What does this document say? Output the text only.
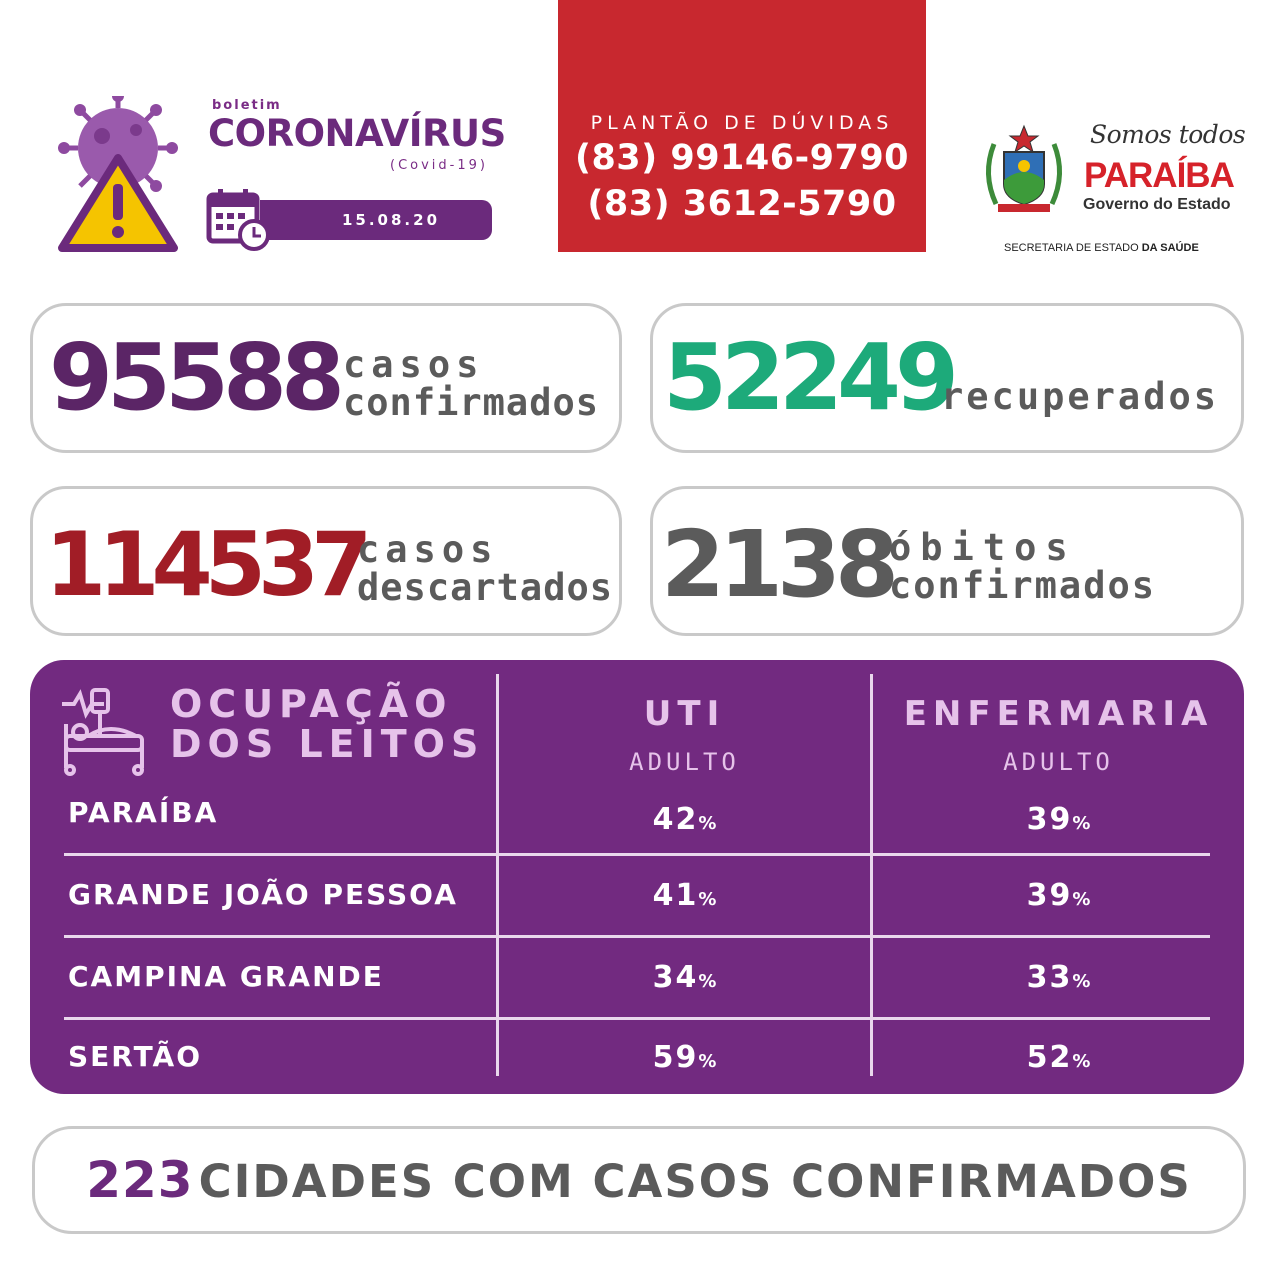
boletim
CORONAVÍRUS
(Covid-19)
15.08.20
PLANTÃO DE DÚVIDAS
(83) 99146-9790
(83) 3612-5790
Somos todos
PARAÍBA
Governo do Estado
SECRETARIA DE ESTADO DA SAÚDE
95588 casos
confirmados 52249
recuperados
114537
casos
descartados 2138
óbitos
confirmados
OCUPAÇÃO
DOS LEITOS
UTI
ADULTO
ENFERMARIA
ADULTO
PARAÍBA	42%	39%
GRANDE JOÃO PESSOA	41%	39%
CAMPINA GRANDE	34%	33%
SERTÃO	59%	52%
223 CIDADES COM CASOS CONFIRMADOS
